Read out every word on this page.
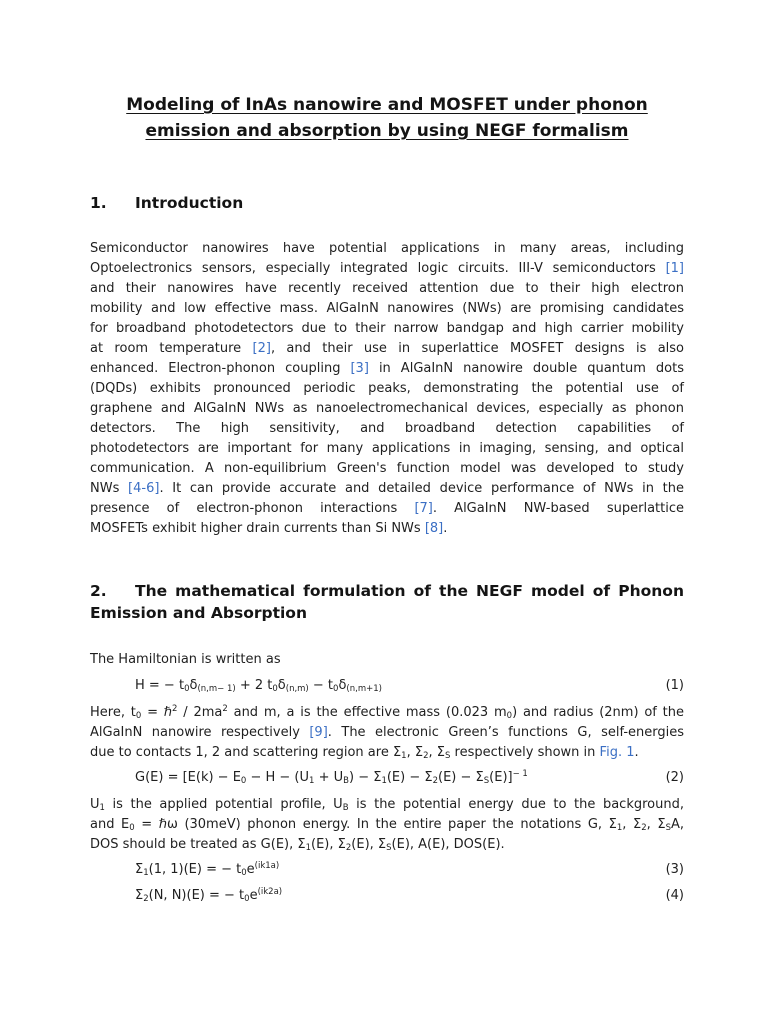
Modeling of InAs nanowire and MOSFET under phonon
emission and absorption by using NEGF formalism
1. Introduction
Semiconductor nanowires have potential applications in many areas, including
Optoelectronics sensors, especially integrated logic circuits. III-V semiconductors [1]
and their nanowires have recently received attention due to their high electron
mobility and low effective mass. AlGaInN nanowires (NWs) are promising candidates
for broadband photodetectors due to their narrow bandgap and high carrier mobility
at room temperature [2], and their use in superlattice MOSFET designs is also
enhanced. Electron-phonon coupling [3] in AlGaInN nanowire double quantum dots
(DQDs) exhibits pronounced periodic peaks, demonstrating the potential use of
graphene and AlGaInN NWs as nanoelectromechanical devices, especially as phonon
detectors. The high sensitivity, and broadband detection capabilities of
photodetectors are important for many applications in imaging, sensing, and optical
communication. A non-equilibrium Green's function model was developed to study
NWs [4-6]. It can provide accurate and detailed device performance of NWs in the
presence of electron-phonon interactions [7]. AlGaInN NW-based superlattice
MOSFETs exhibit higher drain currents than Si NWs [8].
2. The mathematical formulation of the NEGF model of Phonon Emission and Absorption
The Hamiltonian is written as
H = − $t_0\delta_{(n,m- 1)} + 2$ $t_0\delta_{(n,m)} - t_0\delta_{(n,m+1)}$	(1)
Here, $t_0$ = ℏ$^2$ / $2ma^2$ and m, a is the effective mass (0.023 $m_0$) and radius (2nm) of the
AlGaInN nanowire respectively [9]. The electronic Green’s functions G, self-energies
due to contacts 1, 2 and scattering region are $\Sigma_1$, $\Sigma_2$, $\Sigma_S$ respectively shown in Fig. 1.
$G(E) = [E(k) - E_0 - H - (U_1 + U_B) - \Sigma_1(E) - \Sigma_2(E) - \Sigma_S(E)]^{- 1}$	(2)
$U_1$ is the applied potential profile, $U_B$ is the potential energy due to the background,
and $E_0$ = ℏω (30meV) phonon energy. In the entire paper the notations G, $\Sigma_1$, $\Sigma_2$, $\Sigma_SA$,
DOS should be treated as G(E), $\Sigma_1(E)$, $\Sigma_2(E)$, $\Sigma_S(E)$, A(E), DOS(E).
$\Sigma_1(1$, 1)(E) = − $t_0e^{(ik1a)}$	(3)
$\Sigma_2(N$, N)(E) = − $t_0e^{(ik2a)}$	(4)
